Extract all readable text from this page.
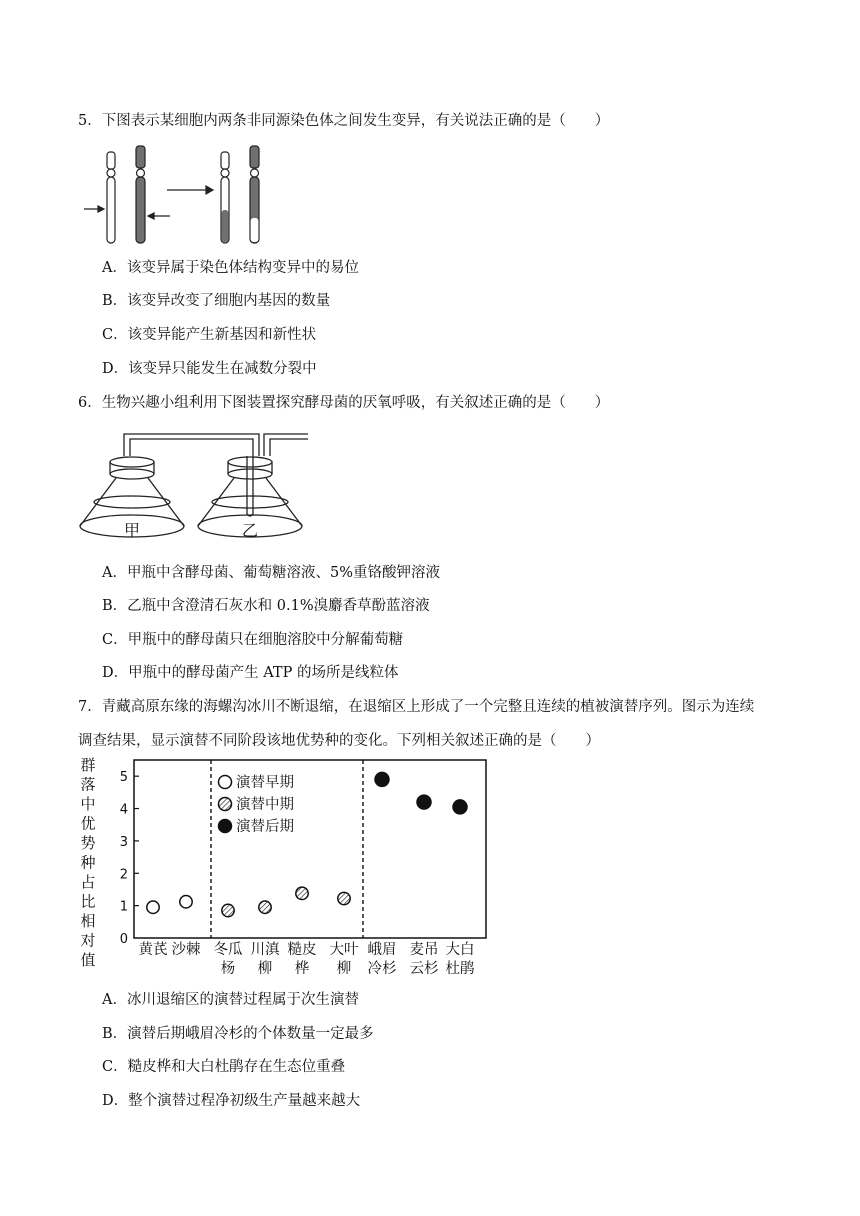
5．下图表示某细胞内两条非同源染色体之间发生变异，有关说法正确的是（　　）
A．该变异属于染色体结构变异中的易位
B．该变异改变了细胞内基因的数量
C．该变异能产生新基因和新性状
D．该变异只能发生在减数分裂中
6．生物兴趣小组利用下图装置探究酵母菌的厌氧呼吸，有关叙述正确的是（　　）
甲	乙
A．甲瓶中含酵母菌、葡萄糖溶液、5%重铬酸钾溶液
B．乙瓶中含澄清石灰水和 0.1%溴麝香草酚蓝溶液
C．甲瓶中的酵母菌只在细胞溶胶中分解葡萄糖
D．甲瓶中的酵母菌产生 ATP 的场所是线粒体
7．青藏高原东缘的海螺沟冰川不断退缩，在退缩区上形成了一个完整且连续的植被演替序列。图示为连续
调查结果，显示演替不同阶段该地优势种的变化。下列相关叙述正确的是（　　）
群
落
中
优
势
种
占
比
相
对
值
0
1
2
3
4
5
黄芪 沙棘 冬瓜
杨
川滇
柳
糙皮
桦
大叶
柳
峨眉
冷杉
麦吊
云杉
大白
杜鹃
演替早期
演替中期
演替后期
A．冰川退缩区的演替过程属于次生演替
B．演替后期峨眉冷杉的个体数量一定最多
C．糙皮桦和大白杜鹃存在生态位重叠
D．整个演替过程净初级生产量越来越大
